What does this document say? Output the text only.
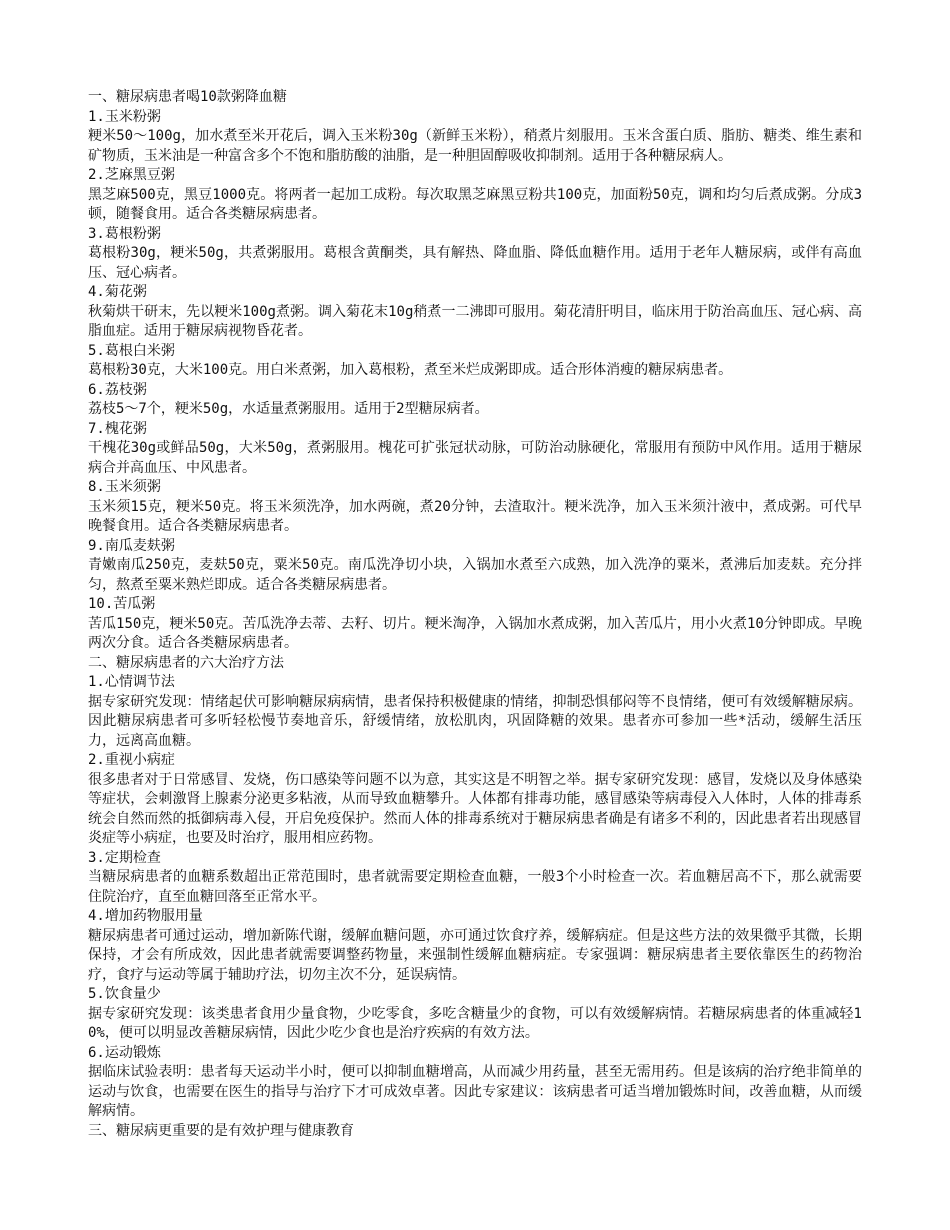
一、糖尿病患者喝10款粥降血糖

1.玉米粉粥

粳米50～100g，加水煮至米开花后，调入玉米粉30g（新鲜玉米粉），稍煮片刻服用。玉米含蛋白质、脂肪、糖类、维生素和矿物质，玉米油是一种富含多个不饱和脂肪酸的油脂，是一种胆固醇吸收抑制剂。适用于各种糖尿病人。

2.芝麻黑豆粥

黑芝麻500克，黑豆1000克。将两者一起加工成粉。每次取黑芝麻黑豆粉共100克，加面粉50克，调和均匀后煮成粥。分成3顿，随餐食用。适合各类糖尿病患者。

3.葛根粉粥

葛根粉30g，粳米50g，共煮粥服用。葛根含黄酮类，具有解热、降血脂、降低血糖作用。适用于老年人糖尿病，或伴有高血压、冠心病者。

4.菊花粥

秋菊烘干研末，先以粳米100g煮粥。调入菊花末10g稍煮一二沸即可服用。菊花清肝明目，临床用于防治高血压、冠心病、高脂血症。适用于糖尿病视物昏花者。

5.葛根白米粥

葛根粉30克，大米100克。用白米煮粥，加入葛根粉，煮至米烂成粥即成。适合形体消瘦的糖尿病患者。

6.荔枝粥

荔枝5～7个，粳米50g，水适量煮粥服用。适用于2型糖尿病者。

7.槐花粥

干槐花30g或鲜品50g，大米50g，煮粥服用。槐花可扩张冠状动脉，可防治动脉硬化，常服用有预防中风作用。适用于糖尿病合并高血压、中风患者。

8.玉米须粥

玉米须15克，粳米50克。将玉米须洗净，加水两碗，煮20分钟，去渣取汁。粳米洗净，加入玉米须汁液中，煮成粥。可代早晚餐食用。适合各类糖尿病患者。

9.南瓜麦麸粥

青嫩南瓜250克，麦麸50克，粟米50克。南瓜洗净切小块，入锅加水煮至六成熟，加入洗净的粟米，煮沸后加麦麸。充分拌匀，熬煮至粟米熟烂即成。适合各类糖尿病患者。

10.苦瓜粥

苦瓜150克，粳米50克。苦瓜洗净去蒂、去籽、切片。粳米淘净，入锅加水煮成粥，加入苦瓜片，用小火煮10分钟即成。早晚两次分食。适合各类糖尿病患者。

二、糖尿病患者的六大治疗方法

1.心情调节法

据专家研究发现：情绪起伏可影响糖尿病病情，患者保持积极健康的情绪，抑制恐惧郁闷等不良情绪，便可有效缓解糖尿病。因此糖尿病患者可多听轻松慢节奏地音乐，舒缓情绪，放松肌肉，巩固降糖的效果。患者亦可参加一些*活动，缓解生活压力，远离高血糖。

2.重视小病症

很多患者对于日常感冒、发烧，伤口感染等问题不以为意，其实这是不明智之举。据专家研究发现：感冒，发烧以及身体感染等症状，会刺激肾上腺素分泌更多粘液，从而导致血糖攀升。人体都有排毒功能，感冒感染等病毒侵入人体时，人体的排毒系统会自然而然的抵御病毒入侵，开启免疫保护。然而人体的排毒系统对于糖尿病患者确是有诸多不利的，因此患者若出现感冒炎症等小病症，也要及时治疗，服用相应药物。

3.定期检查

当糖尿病患者的血糖系数超出正常范围时，患者就需要定期检查血糖，一般3个小时检查一次。若血糖居高不下，那么就需要住院治疗，直至血糖回落至正常水平。

4.增加药物服用量

糖尿病患者可通过运动，增加新陈代谢，缓解血糖问题，亦可通过饮食疗养，缓解病症。但是这些方法的效果微乎其微，长期保持，才会有所成效，因此患者就需要调整药物量，来强制性缓解血糖病症。专家强调：糖尿病患者主要依靠医生的药物治疗，食疗与运动等属于辅助疗法，切勿主次不分，延误病情。

5.饮食量少

据专家研究发现：该类患者食用少量食物，少吃零食，多吃含糖量少的食物，可以有效缓解病情。若糖尿病患者的体重减轻10%，便可以明显改善糖尿病情，因此少吃少食也是治疗疾病的有效方法。

6.运动锻炼

据临床试验表明：患者每天运动半小时，便可以抑制血糖增高，从而减少用药量，甚至无需用药。但是该病的治疗绝非简单的运动与饮食，也需要在医生的指导与治疗下才可成效卓著。因此专家建议：该病患者可适当增加锻炼时间，改善血糖，从而缓解病情。

三、糖尿病更重要的是有效护理与健康教育
